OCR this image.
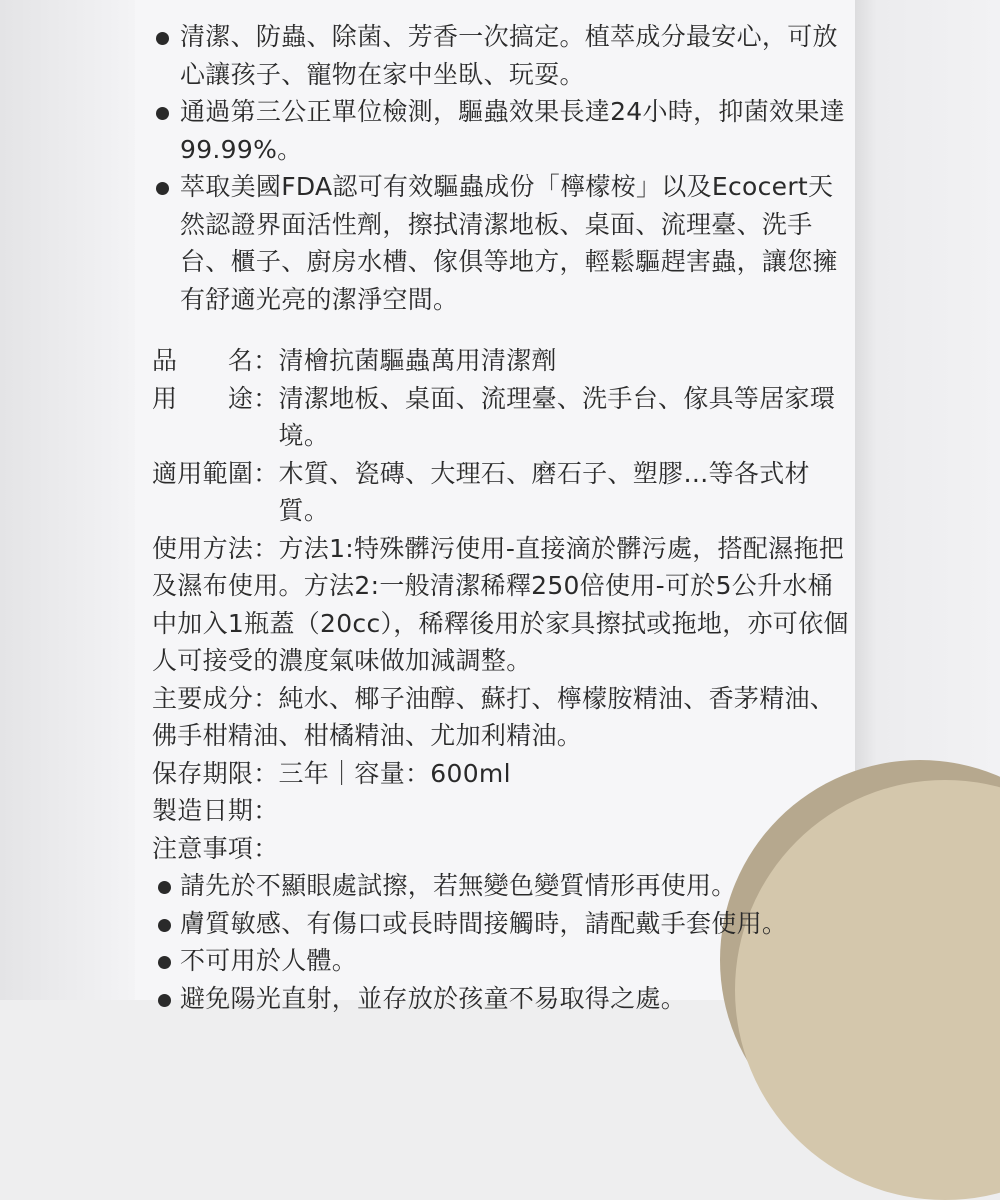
清潔、防蟲、除菌、芳香一次搞定。植萃成分最安心，可放心讓孩子、寵物在家中坐臥、玩耍。
通過第三公正單位檢測，驅蟲效果長達24小時，抑菌效果達99.99%。
萃取美國FDA認可有效驅蟲成份「檸檬桉」以及Ecocert天然認證界面活性劑，擦拭清潔地板、桌面、流理臺、洗手台、櫃子、廚房水槽、傢俱等地方，輕鬆驅趕害蟲，讓您擁有舒適光亮的潔淨空間。
品　　名： 清檜抗菌驅蟲萬用清潔劑
用　　途： 清潔地板、桌面、流理臺、洗手台、傢具等居家環境。
適用範圍： 木質、瓷磚、大理石、磨石子、塑膠…等各式材質。
使用方法：方法1:特殊髒污使用-直接滴於髒污處，搭配濕拖把及濕布使用。方法2:一般清潔稀釋250倍使用-可於5公升水桶中加入1瓶蓋（20cc），稀釋後用於家具擦拭或拖地，亦可依個人可接受的濃度氣味做加減調整。
主要成分：純水、椰子油醇、蘇打、檸檬胺精油、香茅精油、佛手柑精油、柑橘精油、尤加利精油。
保存期限：三年｜容量：600ml
製造日期：
注意事項：
請先於不顯眼處試擦，若無變色變質情形再使用。
膚質敏感、有傷口或長時間接觸時，請配戴手套使用。
不可用於人體。
避免陽光直射，並存放於孩童不易取得之處。
